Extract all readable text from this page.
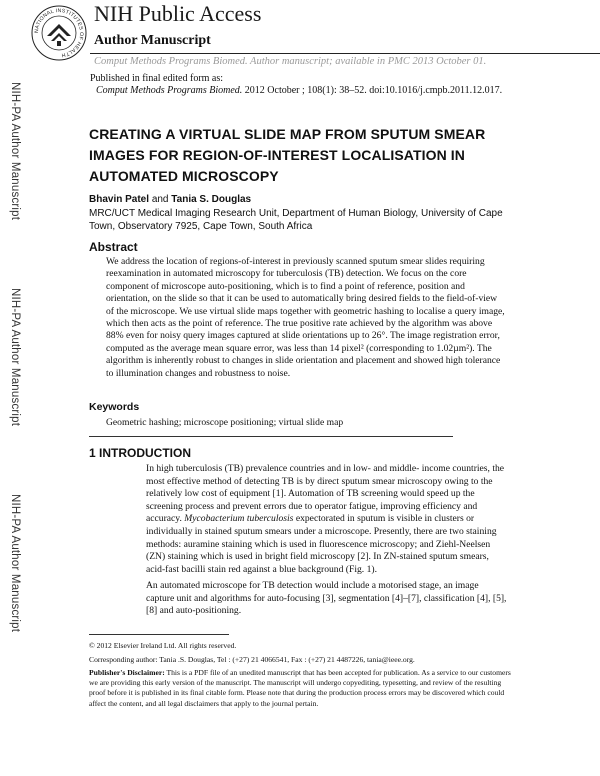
NATIONAL INSTITUTES OF HEALTH
NIH Public Access
Author Manuscript
Comput Methods Programs Biomed. Author manuscript; available in PMC 2013 October 01.
Published in final edited form as:
Comput Methods Programs Biomed. 2012 October ; 108(1): 38–52. doi:10.1016/j.cmpb.2011.12.017.
NIH-PA Author Manuscript
NIH-PA Author Manuscript
NIH-PA Author Manuscript
CREATING A VIRTUAL SLIDE MAP FROM SPUTUM SMEAR IMAGES FOR REGION-OF-INTEREST LOCALISATION IN AUTOMATED MICROSCOPY
Bhavin Patel and Tania S. Douglas
MRC/UCT Medical Imaging Research Unit, Department of Human Biology, University of Cape Town, Observatory 7925, Cape Town, South Africa
Abstract
We address the location of regions-of-interest in previously scanned sputum smear slides requiring reexamination in automated microscopy for tuberculosis (TB) detection. We focus on the core component of microscope auto-positioning, which is to find a point of reference, position and orientation, on the slide so that it can be used to automatically bring desired fields to the field-of-view of the microscope. We use virtual slide maps together with geometric hashing to localise a query image, which then acts as the point of reference. The true positive rate achieved by the algorithm was above 88% even for noisy query images captured at slide orientations up to 26°. The image registration error, computed as the average mean square error, was less than 14 pixel² (corresponding to 1.02µm²). The algorithm is inherently robust to changes in slide orientation and placement and showed high tolerance to illumination changes and robustness to noise.
Keywords
Geometric hashing; microscope positioning; virtual slide map
1 INTRODUCTION
In high tuberculosis (TB) prevalence countries and in low- and middle- income countries, the most effective method of detecting TB is by direct sputum smear microscopy owing to the relatively low cost of equipment [1]. Automation of TB screening would speed up the screening process and prevent errors due to operator fatigue, improving efficiency and accuracy. Mycobacterium tuberculosis expectorated in sputum is visible in clusters or individually in stained sputum smears under a microscope. Presently, there are two staining methods: auramine staining which is used in fluorescence microscopy; and Ziehl-Neelsen (ZN) staining which is used in bright field microscopy [2]. In ZN-stained sputum smears, acid-fast bacilli stain red against a blue background (Fig. 1).
An automated microscope for TB detection would include a motorised stage, an image capture unit and algorithms for auto-focusing [3], segmentation [4]–[7], classification [4], [5], [8] and auto-positioning.
© 2012 Elsevier Ireland Ltd. All rights reserved.
Corresponding author: Tania .S. Douglas, Tel : (+27) 21 4066541, Fax : (+27) 21 4487226, tania@ieee.org.
Publisher's Disclaimer: This is a PDF file of an unedited manuscript that has been accepted for publication. As a service to our customers we are providing this early version of the manuscript. The manuscript will undergo copyediting, typesetting, and review of the resulting proof before it is published in its final citable form. Please note that during the production process errors may be discovered which could affect the content, and all legal disclaimers that apply to the journal pertain.
